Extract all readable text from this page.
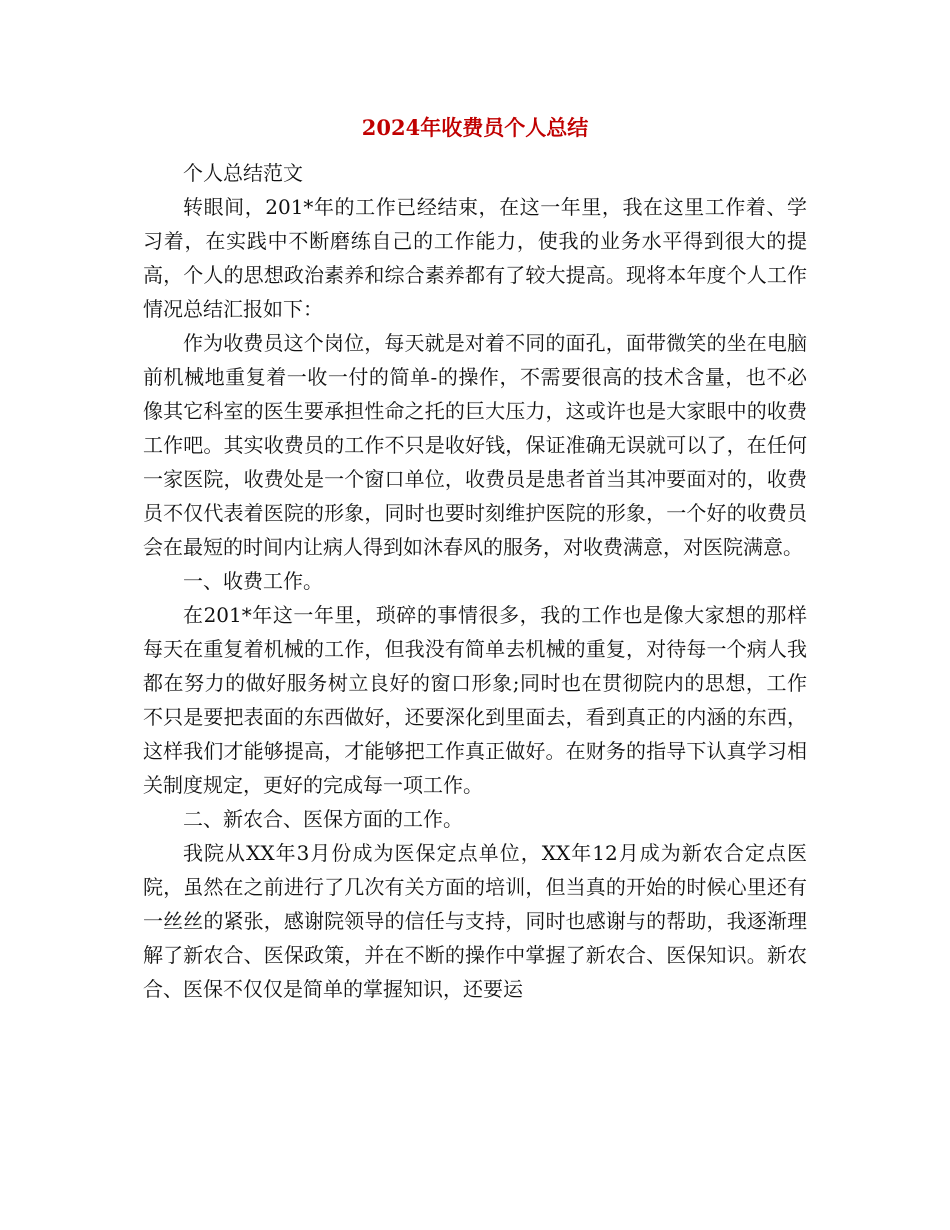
2024年收费员个人总结

个人总结范文

转眼间，201*年的工作已经结束，在这一年里，我在这里工作着、学习着，在实践中不断磨练自己的工作能力，使我的业务水平得到很大的提高，个人的思想政治素养和综合素养都有了较大提高。现将本年度个人工作情况总结汇报如下：

作为收费员这个岗位，每天就是对着不同的面孔，面带微笑的坐在电脑前机械地重复着一收一付的简单-的操作，不需要很高的技术含量，也不必像其它科室的医生要承担性命之托的巨大压力，这或许也是大家眼中的收费工作吧。其实收费员的工作不只是收好钱，保证准确无误就可以了，在任何一家医院，收费处是一个窗口单位，收费员是患者首当其冲要面对的，收费员不仅代表着医院的形象，同时也要时刻维护医院的形象，一个好的收费员会在最短的时间内让病人得到如沐春风的服务，对收费满意，对医院满意。

一、收费工作。

在201*年这一年里，琐碎的事情很多，我的工作也是像大家想的那样每天在重复着机械的工作，但我没有简单去机械的重复，对待每一个病人我都在努力的做好服务树立良好的窗口形象;同时也在贯彻院内的思想，工作不只是要把表面的东西做好，还要深化到里面去，看到真正的内涵的东西，这样我们才能够提高，才能够把工作真正做好。在财务的指导下认真学习相关制度规定，更好的完成每一项工作。

二、新农合、医保方面的工作。

我院从XX年3月份成为医保定点单位，XX年12月成为新农合定点医院，虽然在之前进行了几次有关方面的培训，但当真的开始的时候心里还有一丝丝的紧张，感谢院领导的信任与支持，同时也感谢与的帮助，我逐渐理解了新农合、医保政策，并在不断的操作中掌握了新农合、医保知识。新农合、医保不仅仅是简单的掌握知识，还要运
